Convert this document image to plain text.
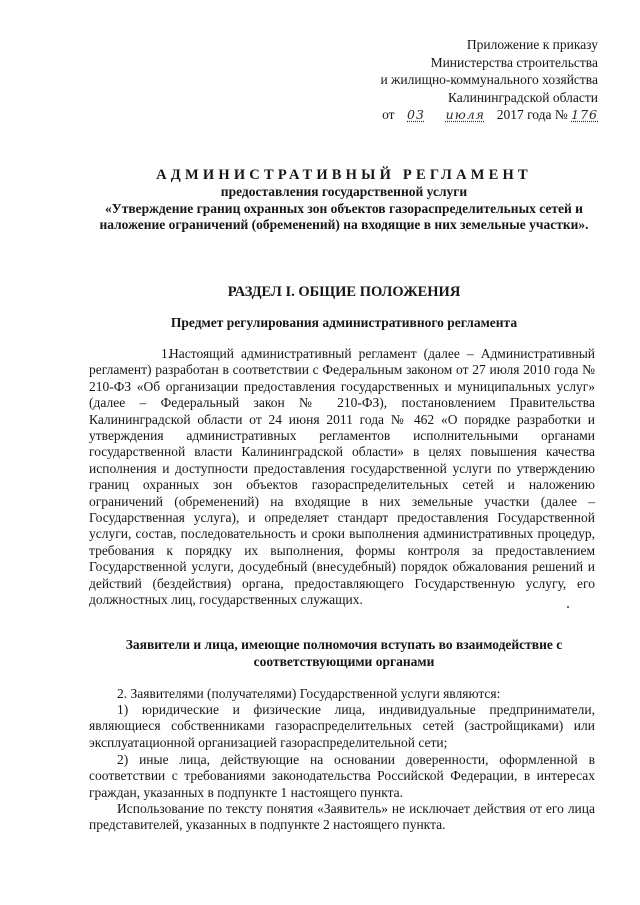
Приложение к приказу
Министерства строительства
и жилищно-коммунального хозяйства
Калининградской области
от 03 июля 2017 года № 176
АДМИНИСТРАТИВНЫЙ РЕГЛАМЕНТ
предоставления государственной услуги
«Утверждение границ охранных зон объектов газораспределительных сетей и наложение ограничений (обременений) на входящие в них земельные участки».
РАЗДЕЛ I. ОБЩИЕ ПОЛОЖЕНИЯ
Предмет регулирования административного регламента

1.Настоящий административный регламент (далее – Административный регламент) разработан в соответствии с Федеральным законом от 27 июля 2010 года № 210-ФЗ «Об организации предоставления государственных и муниципальных услуг» (далее – Федеральный закон № 210-ФЗ), постановлением Правительства Калининградской области от 24 июня 2011 года № 462 «О порядке разработки и утверждения административных регламентов исполнительными органами государственной власти Калининградской области» в целях повышения качества исполнения и доступности предоставления государственной услуги по утверждению границ охранных зон объектов газораспределительных сетей и наложению ограничений (обременений) на входящие в них земельные участки (далее – Государственная услуга), и определяет стандарт предоставления Государственной услуги, состав, последовательность и сроки выполнения административных процедур, требования к порядку их выполнения, формы контроля за предоставлением Государственной услуги, досудебный (внесудебный) порядок обжалования решений и действий (бездействия) органа, предоставляющего Государственную услугу, его должностных лиц, государственных служащих.

Заявители и лица, имеющие полномочия вступать во взаимодействие с
соответствующими органами

2. Заявителями (получателями) Государственной услуги являются:

1) юридические и физические лица, индивидуальные предприниматели, являющиеся собственниками газораспределительных сетей (застройщиками) или эксплуатационной организацией газораспределительной сети;

2) иные лица, действующие на основании доверенности, оформленной в соответствии с требованиями законодательства Российской Федерации, в интересах граждан, указанных в подпункте 1 настоящего пункта.

Использование по тексту понятия «Заявитель» не исключает действия от его лица представителей, указанных в подпункте 2 настоящего пункта.
